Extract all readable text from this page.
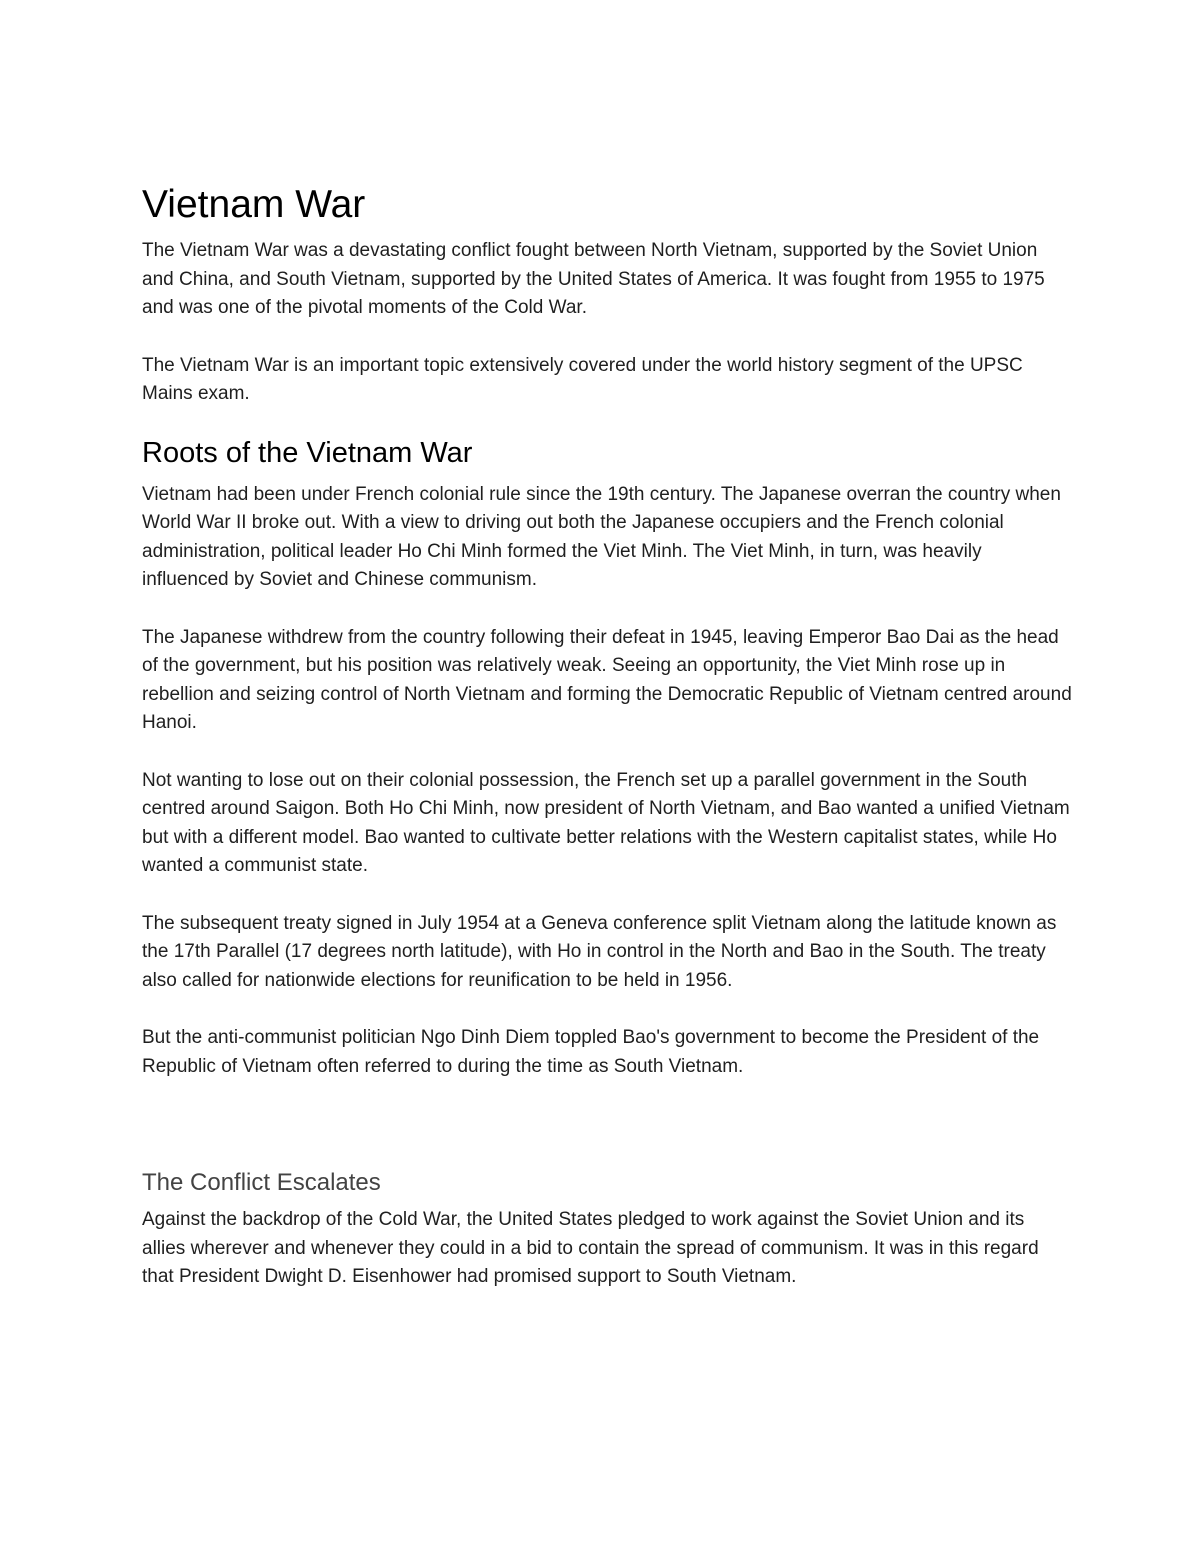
Vietnam War

The Vietnam War was a devastating conflict fought between North Vietnam, supported by the Soviet Union and China, and South Vietnam, supported by the United States of America. It was fought from 1955 to 1975 and was one of the pivotal moments of the Cold War.

The Vietnam War is an important topic extensively covered under the world history segment of the UPSC Mains exam.

Roots of the Vietnam War

Vietnam had been under French colonial rule since the 19th century. The Japanese overran the country when World War II broke out. With a view to driving out both the Japanese occupiers and the French colonial administration, political leader Ho Chi Minh formed the Viet Minh. The Viet Minh, in turn, was heavily influenced by Soviet and Chinese communism.

The Japanese withdrew from the country following their defeat in 1945, leaving Emperor Bao Dai as the head of the government, but his position was relatively weak. Seeing an opportunity, the Viet Minh rose up in rebellion and seizing control of North Vietnam and forming the Democratic Republic of Vietnam centred around Hanoi.

Not wanting to lose out on their colonial possession, the French set up a parallel government in the South centred around Saigon. Both Ho Chi Minh, now president of North Vietnam, and Bao wanted a unified Vietnam but with a different model. Bao wanted to cultivate better relations with the Western capitalist states, while Ho wanted a communist state.

The subsequent treaty signed in July 1954 at a Geneva conference split Vietnam along the latitude known as the 17th Parallel (17 degrees north latitude), with Ho in control in the North and Bao in the South. The treaty also called for nationwide elections for reunification to be held in 1956.

But the anti-communist politician Ngo Dinh Diem toppled Bao's government to become the President of the Republic of Vietnam often referred to during the time as South Vietnam.

The Conflict Escalates

Against the backdrop of the Cold War, the United States pledged to work against the Soviet Union and its allies wherever and whenever they could in a bid to contain the spread of communism. It was in this regard that President Dwight D. Eisenhower had promised support to South Vietnam.
